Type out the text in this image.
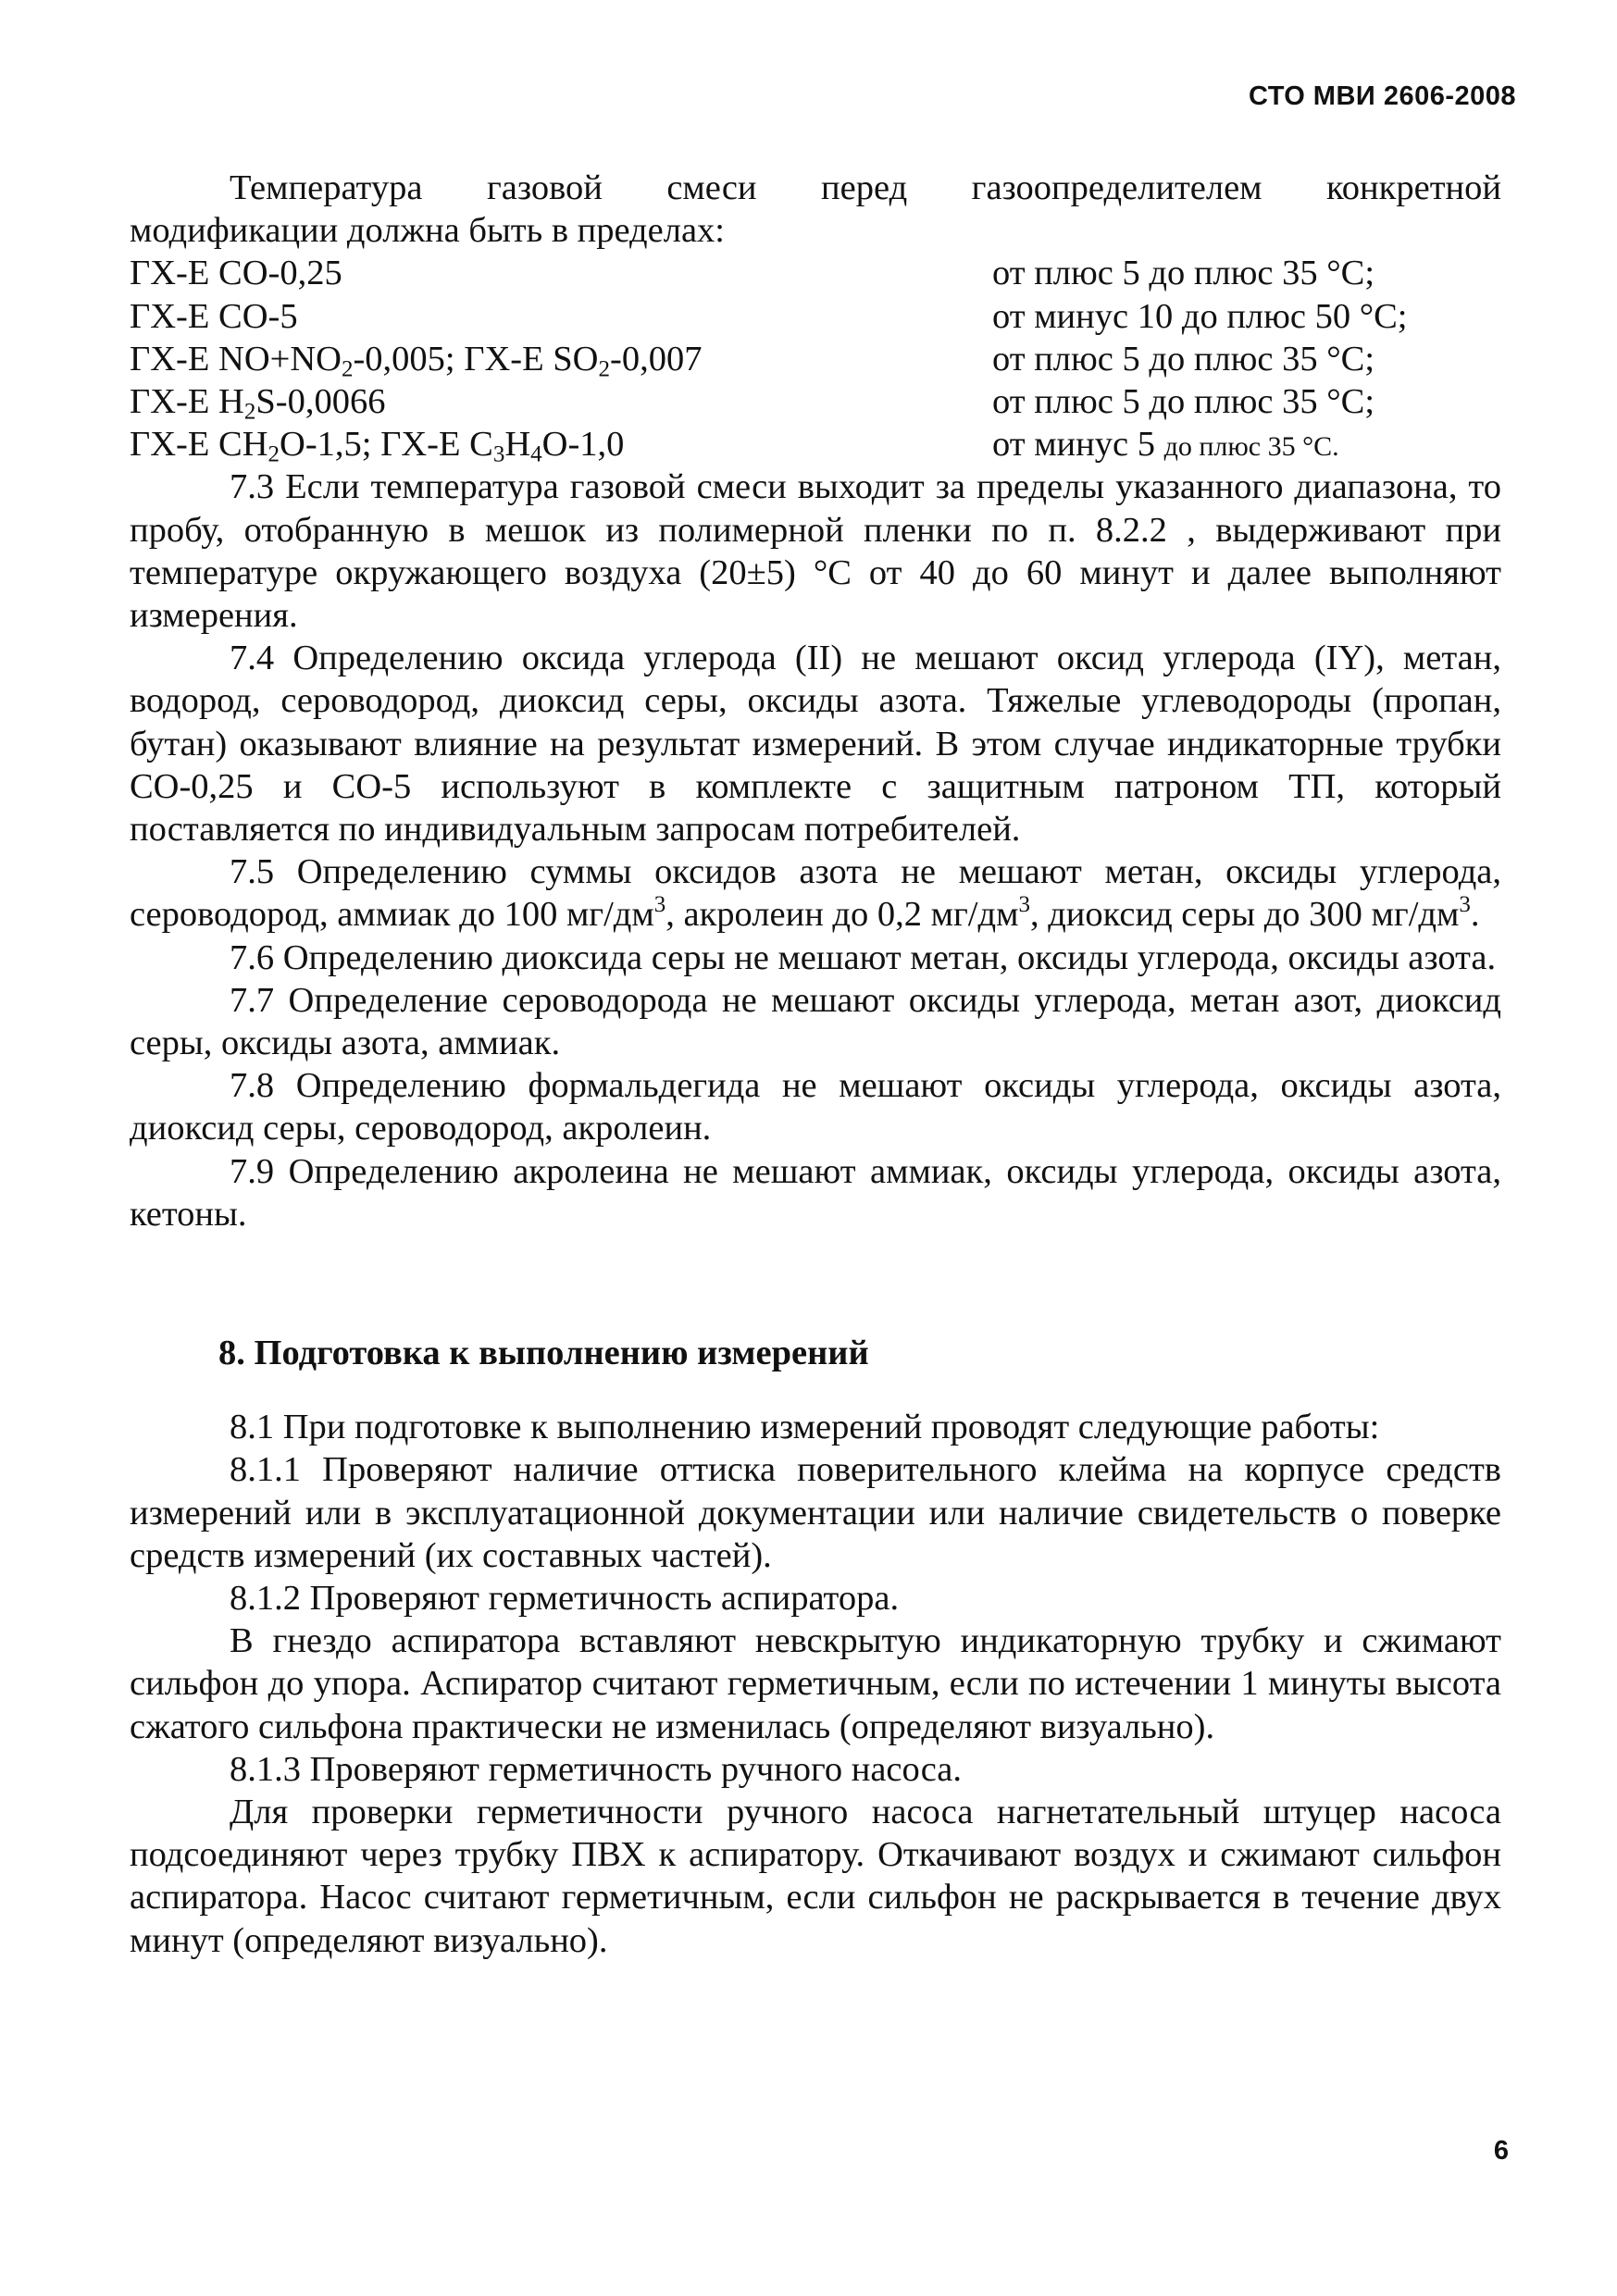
СТО МВИ 2606-2008

Температура газовой смеси перед газоопределителем конкретной

модификации должна быть в пределах:

ГХ-Е СО-0,25	от плюс 5 до плюс 35 °С;
ГХ-Е СО-5	от минус 10 до плюс 50 °С;
ГХ-Е $NO+NO_2-0,005$; ГХ-Е $SO_2-0,007$	от плюс 5 до плюс 35 °С;
ГХ-Е $H_2S-0,0066$	от плюс 5 до плюс 35 °С;
ГХ-Е $CH_2O-1,5$; ГХ-Е $C_3H_4O-1,0$	от минус 5 до плюс 35 °С.

7.3 Если температура газовой смеси выходит за пределы указанного диапазона, то пробу, отобранную в мешок из полимерной пленки по п. 8.2.2 , выдерживают при температуре окружающего воздуха (20±5) °С от 40 до 60 минут и далее выполняют измерения.

7.4 Определению оксида углерода (II) не мешают оксид углерода (IY), метан, водород, сероводород, диоксид серы, оксиды азота. Тяжелые углеводороды (пропан, бутан) оказывают влияние на результат измерений. В этом случае индикаторные трубки СО-0,25 и СО-5 используют в комплекте с защитным патроном ТП, который поставляется по индивидуальным запросам потребителей.

7.5 Определению суммы оксидов азота не мешают метан, оксиды углерода, сероводород, аммиак до 100 $мг/дм^3$, акролеин до 0,2 $мг/дм^3$, диоксид серы до 300 $мг/дм^3$.

7.6 Определению диоксида серы не мешают метан, оксиды углерода, оксиды азота.

7.7 Определение сероводорода не мешают оксиды углерода, метан азот, диоксид серы, оксиды азота, аммиак.

7.8 Определению формальдегида не мешают оксиды углерода, оксиды азота, диоксид серы, сероводород, акролеин.

7.9 Определению акролеина не мешают аммиак, оксиды углерода, оксиды азота, кетоны.

8. Подготовка к выполнению измерений

8.1 При подготовке к выполнению измерений проводят следующие работы:

8.1.1 Проверяют наличие оттиска поверительного клейма на корпусе средств измерений или в эксплуатационной документации или наличие свидетельств о поверке средств измерений (их составных частей).

8.1.2 Проверяют герметичность аспиратора.

В гнездо аспиратора вставляют невскрытую индикаторную трубку и сжимают сильфон до упора. Аспиратор считают герметичным, если по истечении 1 минуты высота сжатого сильфона практически не изменилась (определяют визуально).

8.1.3 Проверяют герметичность ручного насоса.

Для проверки герметичности ручного насоса нагнетательный штуцер насоса подсоединяют через трубку ПВХ к аспиратору. Откачивают воздух и сжимают сильфон аспиратора. Насос считают герметичным, если сильфон не раскрывается в течение двух минут (определяют визуально).

6
